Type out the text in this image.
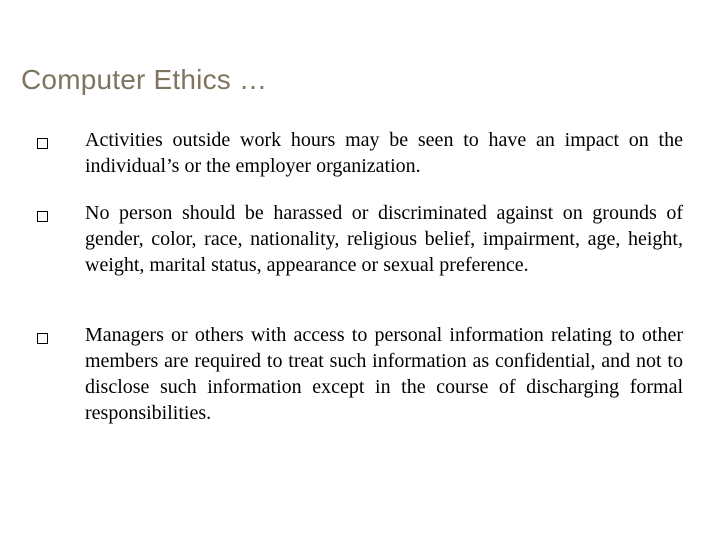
Computer Ethics …
Activities outside work hours may be seen to have an impact on the individual’s or the employer organization.
No person should be harassed or discriminated against on grounds of gender, color, race, nationality, religious belief, impairment, age, height, weight, marital status, appearance or sexual preference.
Managers or others with access to personal information relating to other members are required to treat such information as confidential, and not to disclose such information except in the course of discharging formal responsibilities.
